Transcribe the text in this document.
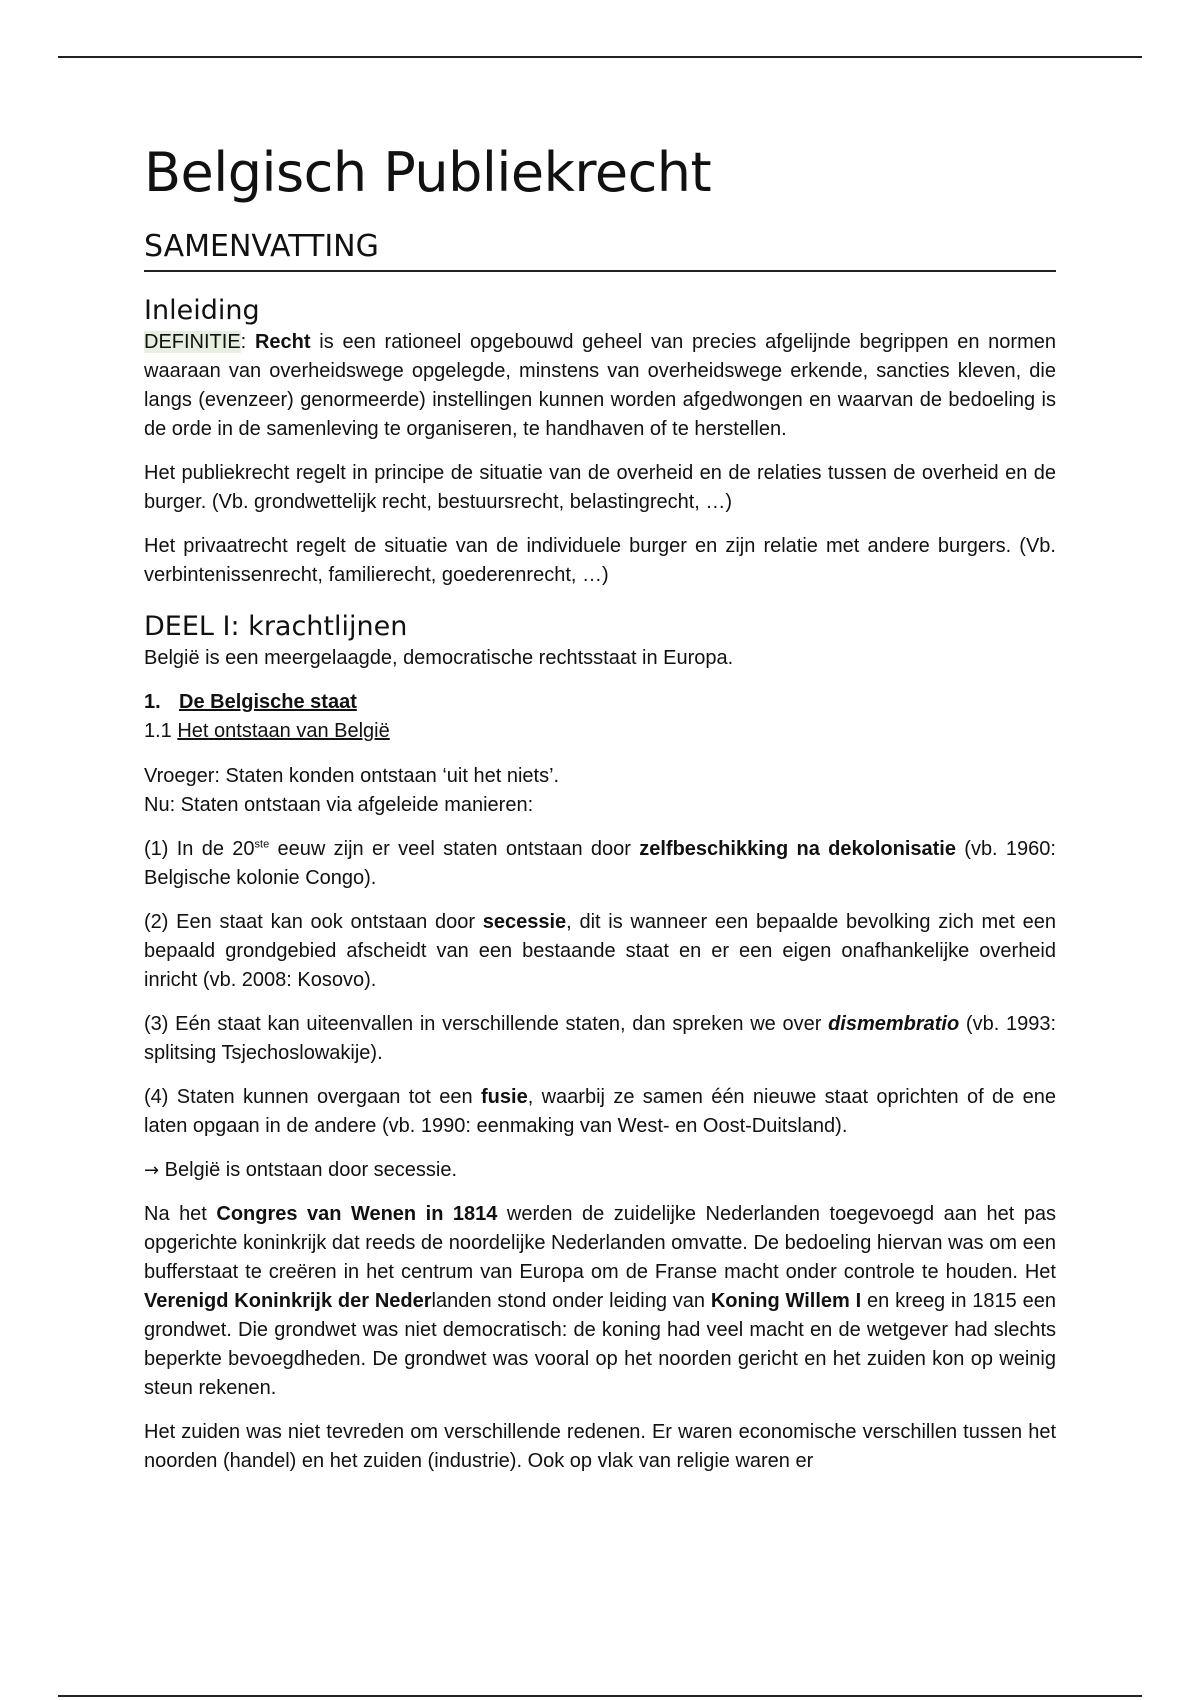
Belgisch Publiekrecht
SAMENVATTING
Inleiding

DEFINITIE: Recht is een rationeel opgebouwd geheel van precies afgelijnde begrippen en normen waaraan van overheidswege opgelegde, minstens van overheidswege erkende, sancties kleven, die langs (evenzeer) genormeerde) instellingen kunnen worden afgedwongen en waarvan de bedoeling is de orde in de samenleving te organiseren, te handhaven of te herstellen.

Het publiekrecht regelt in principe de situatie van de overheid en de relaties tussen de overheid en de burger. (Vb. grondwettelijk recht, bestuursrecht, belastingrecht, …)

Het privaatrecht regelt de situatie van de individuele burger en zijn relatie met andere burgers. (Vb. verbintenissenrecht, familierecht, goederenrecht, …)

DEEL I: krachtlijnen

België is een meergelaagde, democratische rechtsstaat in Europa.

1. De Belgische staat
1.1 Het ontstaan van België

Vroeger: Staten konden ontstaan ‘uit het niets’.

Nu: Staten ontstaan via afgeleide manieren:

(1) In de 20ste eeuw zijn er veel staten ontstaan door zelfbeschikking na dekolonisatie (vb. 1960: Belgische kolonie Congo).

(2) Een staat kan ook ontstaan door secessie, dit is wanneer een bepaalde bevolking zich met een bepaald grondgebied afscheidt van een bestaande staat en er een eigen onafhankelijke overheid inricht (vb. 2008: Kosovo).

(3) Eén staat kan uiteenvallen in verschillende staten, dan spreken we over dismembratio (vb. 1993: splitsing Tsjechoslowakije).

(4) Staten kunnen overgaan tot een fusie, waarbij ze samen één nieuwe staat oprichten of de ene laten opgaan in de andere (vb. 1990: eenmaking van West- en Oost-Duitsland).

→ België is ontstaan door secessie.

Na het Congres van Wenen in 1814 werden de zuidelijke Nederlanden toegevoegd aan het pas opgerichte koninkrijk dat reeds de noordelijke Nederlanden omvatte. De bedoeling hiervan was om een bufferstaat te creëren in het centrum van Europa om de Franse macht onder controle te houden. Het Verenigd Koninkrijk der Nederlanden stond onder leiding van Koning Willem I en kreeg in 1815 een grondwet. Die grondwet was niet democratisch: de koning had veel macht en de wetgever had slechts beperkte bevoegdheden. De grondwet was vooral op het noorden gericht en het zuiden kon op weinig steun rekenen.

Het zuiden was niet tevreden om verschillende redenen. Er waren economische verschillen tussen het noorden (handel) en het zuiden (industrie). Ook op vlak van religie waren er
